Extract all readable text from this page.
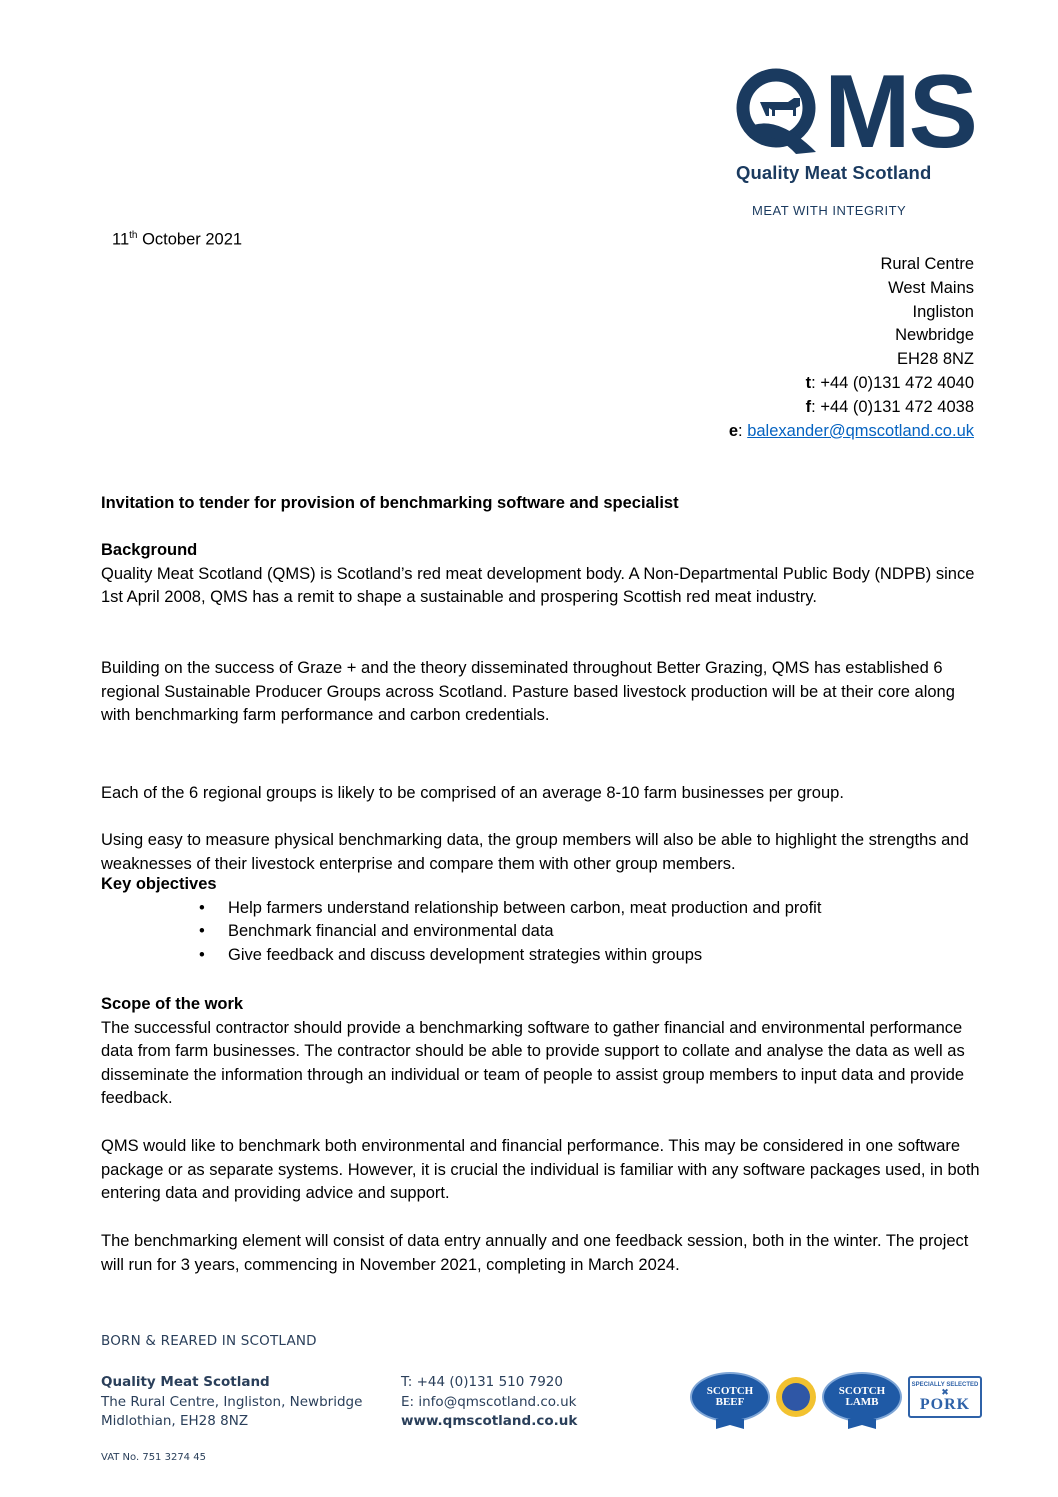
MS
Quality Meat Scotland
MEAT WITH INTEGRITY
11th October 2021
Rural Centre
West Mains
Ingliston
Newbridge
EH28 8NZ
t: +44 (0)131 472 4040
f: +44 (0)131 472 4038
e: balexander@qmscotland.co.uk
Invitation to tender for provision of benchmarking software and specialist
Background

Quality Meat Scotland (QMS) is Scotland’s red meat development body. A Non-Departmental Public Body (NDPB) since 1st April 2008, QMS has a remit to shape a sustainable and prospering Scottish red meat industry.

Building on the success of Graze + and the theory disseminated throughout Better Grazing, QMS has established 6 regional Sustainable Producer Groups across Scotland. Pasture based livestock production will be at their core along with benchmarking farm performance and carbon credentials.
Each of the 6 regional groups is likely to be comprised of an average 8-10 farm businesses per group.
Using easy to measure physical benchmarking data, the group members will also be able to highlight the strengths and weaknesses of their livestock enterprise and compare them with other group members.
Key objectives
• Help farmers understand relationship between carbon, meat production and profit
• Benchmark financial and environmental data
• Give feedback and discuss development strategies within groups
Scope of the work

The successful contractor should provide a benchmarking software to gather financial and environmental performance data from farm businesses. The contractor should be able to provide support to collate and analyse the data as well as disseminate the information through an individual or team of people to assist group members to input data and provide feedback.

QMS would like to benchmark both environmental and financial performance. This may be considered in one software package or as separate systems. However, it is crucial the individual is familiar with any software packages used, in both entering data and providing advice and support.
The benchmarking element will consist of data entry annually and one feedback session, both in the winter. The project will run for 3 years, commencing in November 2021, completing in March 2024.
BORN & REARED IN SCOTLAND
Quality Meat Scotland
The Rural Centre, Ingliston, Newbridge
Midlothian, EH28 8NZ
T: +44 (0)131 510 7920
E: info@qmscotland.co.uk
www.qmscotland.co.uk
VAT No. 751 3274 45
SCOTCH
BEEF
SCOTCH
LAMB
SPECIALLY SELECTED
✖
PORK
